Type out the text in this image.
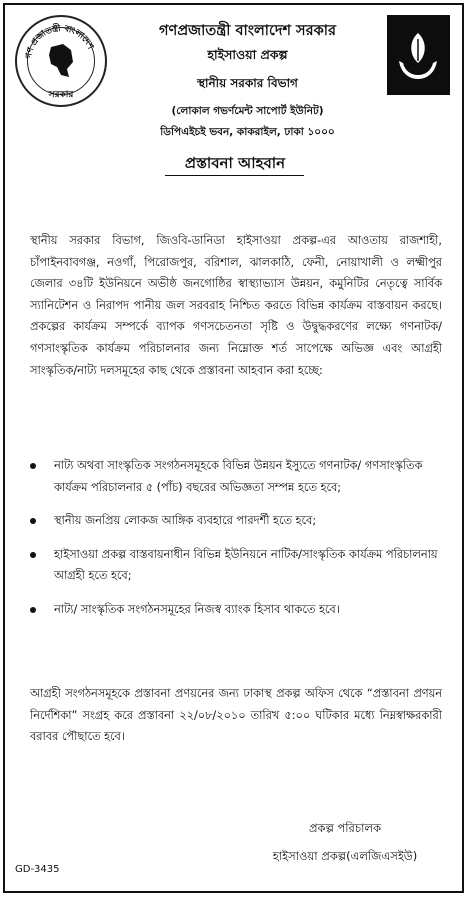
গণ প্রজাতন্ত্রী বাংলাদেশ
সরকার
গণপ্রজাতন্ত্রী বাংলাদেশ সরকার
হাইসাওয়া প্রকল্প
স্থানীয় সরকার বিভাগ
(লোকাল গভর্ণমেন্ট সাপোর্ট ইউনিট)
ডিপিএইচই ভবন, কাকরাইল, ঢাকা ১০০০
প্রস্তাবনা আহবান
স্থানীয় সরকার বিভাগ, জিওবি-ডানিডা হাইসাওয়া প্রকল্প-এর আওতায় রাজশাহী, চাঁপাইনবাবগঞ্জ, নওগাঁ, পিরোজপুর, বরিশাল, ঝালকাঠি, ফেনী, নোয়াখালী ও লক্ষ্মীপুর জেলার ৩৪টি ইউনিয়নে অভীষ্ঠ জনগোষ্ঠির স্বাস্থ্যাভ্যাস উন্নয়ন, কমুনিটির নেতৃত্বে সার্বিক স্যানিটেশন ও নিরাপদ পানীয় জল সরবরাহ নিশ্চিত করতে বিভিন্ন কার্যক্রম বাস্তবায়ন করছে। প্রকল্পের কার্যক্রম সম্পর্কে ব্যাপক গণসচেতনতা সৃষ্টি ও উদ্বুদ্ধকরণের লক্ষ্যে গণনাটক/গণসাংস্কৃতিক কার্যক্রম পরিচালনার জন্য নিম্নোক্ত শর্ত সাপেক্ষে অভিজ্ঞ এবং আগ্রহী সাংস্কৃতিক/নাট্য দলসমূহের কাছ থেকে প্রস্তাবনা আহবান করা হচ্ছে:
নাট্য অথবা সাংস্কৃতিক সংগঠনসমূহকে বিভিন্ন উন্নয়ন ইস্যুতে গণনাটক/ গণসাংস্কৃতিক কার্যক্রম পরিচালনার ৫ (পাঁচ) বছরের অভিজ্ঞতা সম্পন্ন হতে হবে;
স্থানীয় জনপ্রিয় লোকজ আঙ্গিক ব্যবহারে পারদর্শী হতে হবে;
হাইসাওয়া প্রকল্প বাস্তবায়নাধীন বিভিন্ন ইউনিয়নে নাটিক/সাংস্কৃতিক কার্যক্রম পরিচালনায় আগ্রহী হতে হবে;
নাট্য/ সাংস্কৃতিক সংগঠনসমূহের নিজস্ব ব্যাংক হিসাব থাকতে হবে।
আগ্রহী সংগঠনসমূহকে প্রস্তাবনা প্রণয়নের জন্য ঢাকাস্থ প্রকল্প অফিস থেকে “প্রস্তাবনা প্রণয়ন নির্দেশিকা” সংগ্রহ করে প্রস্তাবনা ২২/০৮/২০১০ তারিখ ৫:০০ ঘটিকার মধ্যে নিম্নস্বাক্ষরকারী বরাবর পৌছাতে হবে।
প্রকল্প পরিচালক
হাইসাওয়া প্রকল্প(এলজিএসইউ)
GD-3435
